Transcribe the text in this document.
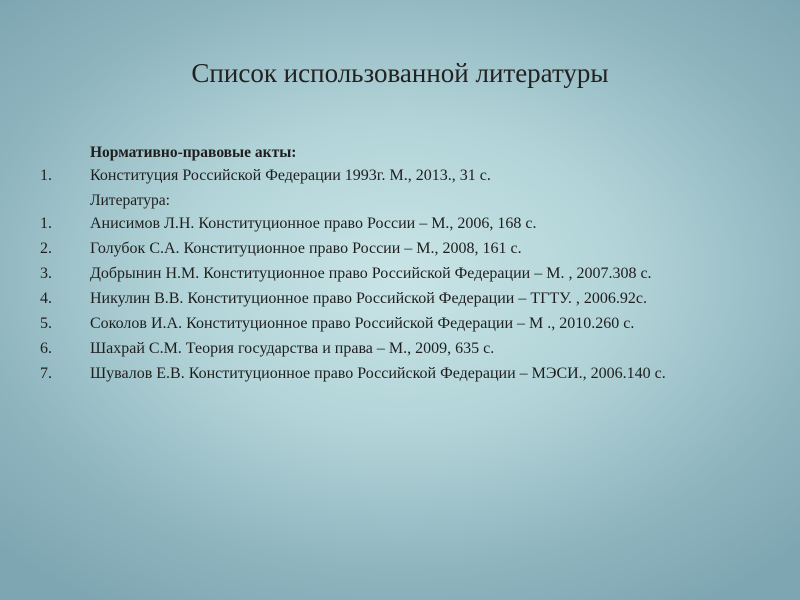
Список использованной литературы
Нормативно-правовые акты:
1.	Конституция Российской Федерации 1993г. М., 2013., 31 с.
Литература:
1.	Анисимов Л.Н. Конституционное право России – М., 2006, 168 с.
2.	Голубок С.А. Конституционное право России – М., 2008, 161 с.
3.	Добрынин Н.М. Конституционное право Российской Федерации – М. , 2007.308 с.
4.	Никулин В.В. Конституционное право Российской Федерации – ТГТУ. , 2006.92с.
5.	Соколов И.А. Конституционное право Российской Федерации – М ., 2010.260 с.
6.	Шахрай С.М. Теория государства и права – М., 2009, 635 с.
7.	Шувалов Е.В. Конституционное право Российской Федерации – МЭСИ., 2006.140 с.
